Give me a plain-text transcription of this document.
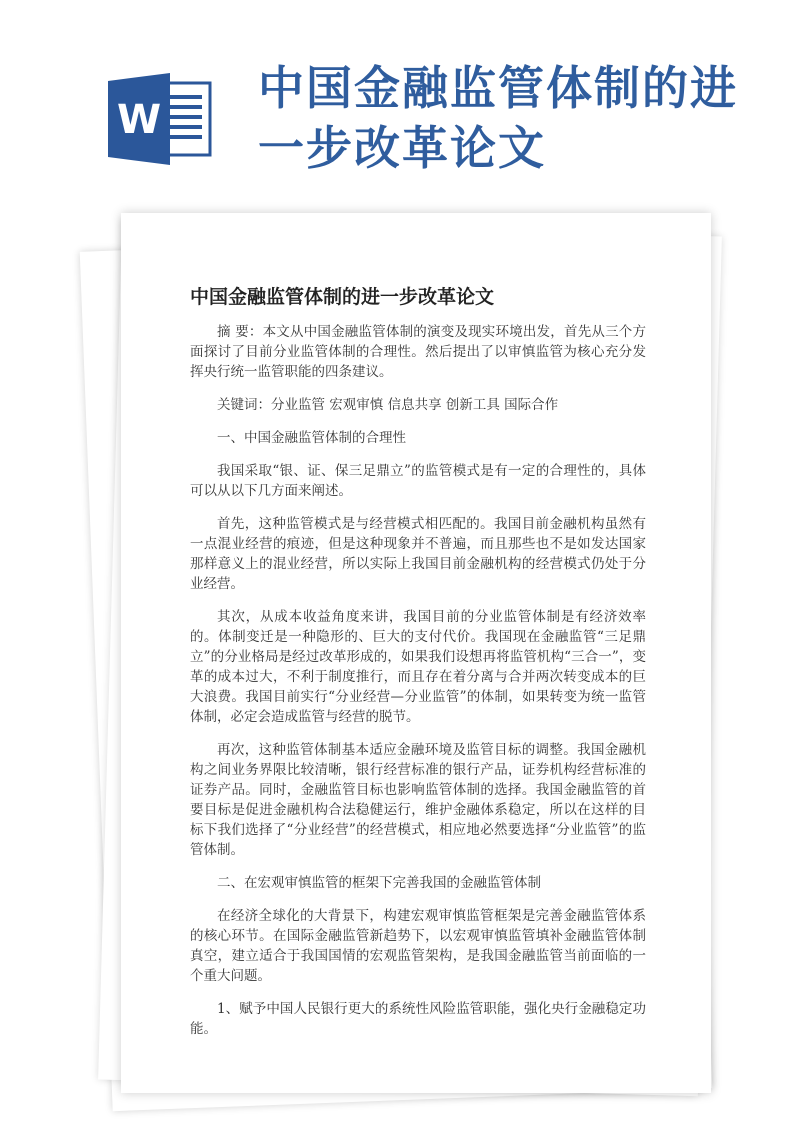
W
中国金融监管体制的进一步改革论文
中国金融监管体制的进一步改革论文

摘 要：本文从中国金融监管体制的演变及现实环境出发，首先从三个方面探讨了目前分业监管体制的合理性。然后提出了以审慎监管为核心充分发挥央行统一监管职能的四条建议。

关键词：分业监管 宏观审慎 信息共享 创新工具 国际合作

一、中国金融监管体制的合理性

我国采取“银、证、保三足鼎立”的监管模式是有一定的合理性的，具体可以从以下几方面来阐述。

首先，这种监管模式是与经营模式相匹配的。我国目前金融机构虽然有一点混业经营的痕迹，但是这种现象并不普遍，而且那些也不是如发达国家那样意义上的混业经营，所以实际上我国目前金融机构的经营模式仍处于分业经营。

其次，从成本收益角度来讲，我国目前的分业监管体制是有经济效率的。体制变迁是一种隐形的、巨大的支付代价。我国现在金融监管“三足鼎立”的分业格局是经过改革形成的，如果我们设想再将监管机构“三合一”，变革的成本过大，不利于制度推行，而且存在着分离与合并两次转变成本的巨大浪费。我国目前实行“分业经营—分业监管”的体制，如果转变为统一监管体制，必定会造成监管与经营的脱节。

再次，这种监管体制基本适应金融环境及监管目标的调整。我国金融机构之间业务界限比较清晰，银行经营标准的银行产品，证券机构经营标准的证券产品。同时，金融监管目标也影响监管体制的选择。我国金融监管的首要目标是促进金融机构合法稳健运行，维护金融体系稳定，所以在这样的目标下我们选择了“分业经营”的经营模式，相应地必然要选择“分业监管”的监管体制。

二、在宏观审慎监管的框架下完善我国的金融监管体制

在经济全球化的大背景下，构建宏观审慎监管框架是完善金融监管体系的核心环节。在国际金融监管新趋势下，以宏观审慎监管填补金融监管体制真空，建立适合于我国国情的宏观监管架构，是我国金融监管当前面临的一个重大问题。

1、赋予中国人民银行更大的系统性风险监管职能，强化央行金融稳定功能。
